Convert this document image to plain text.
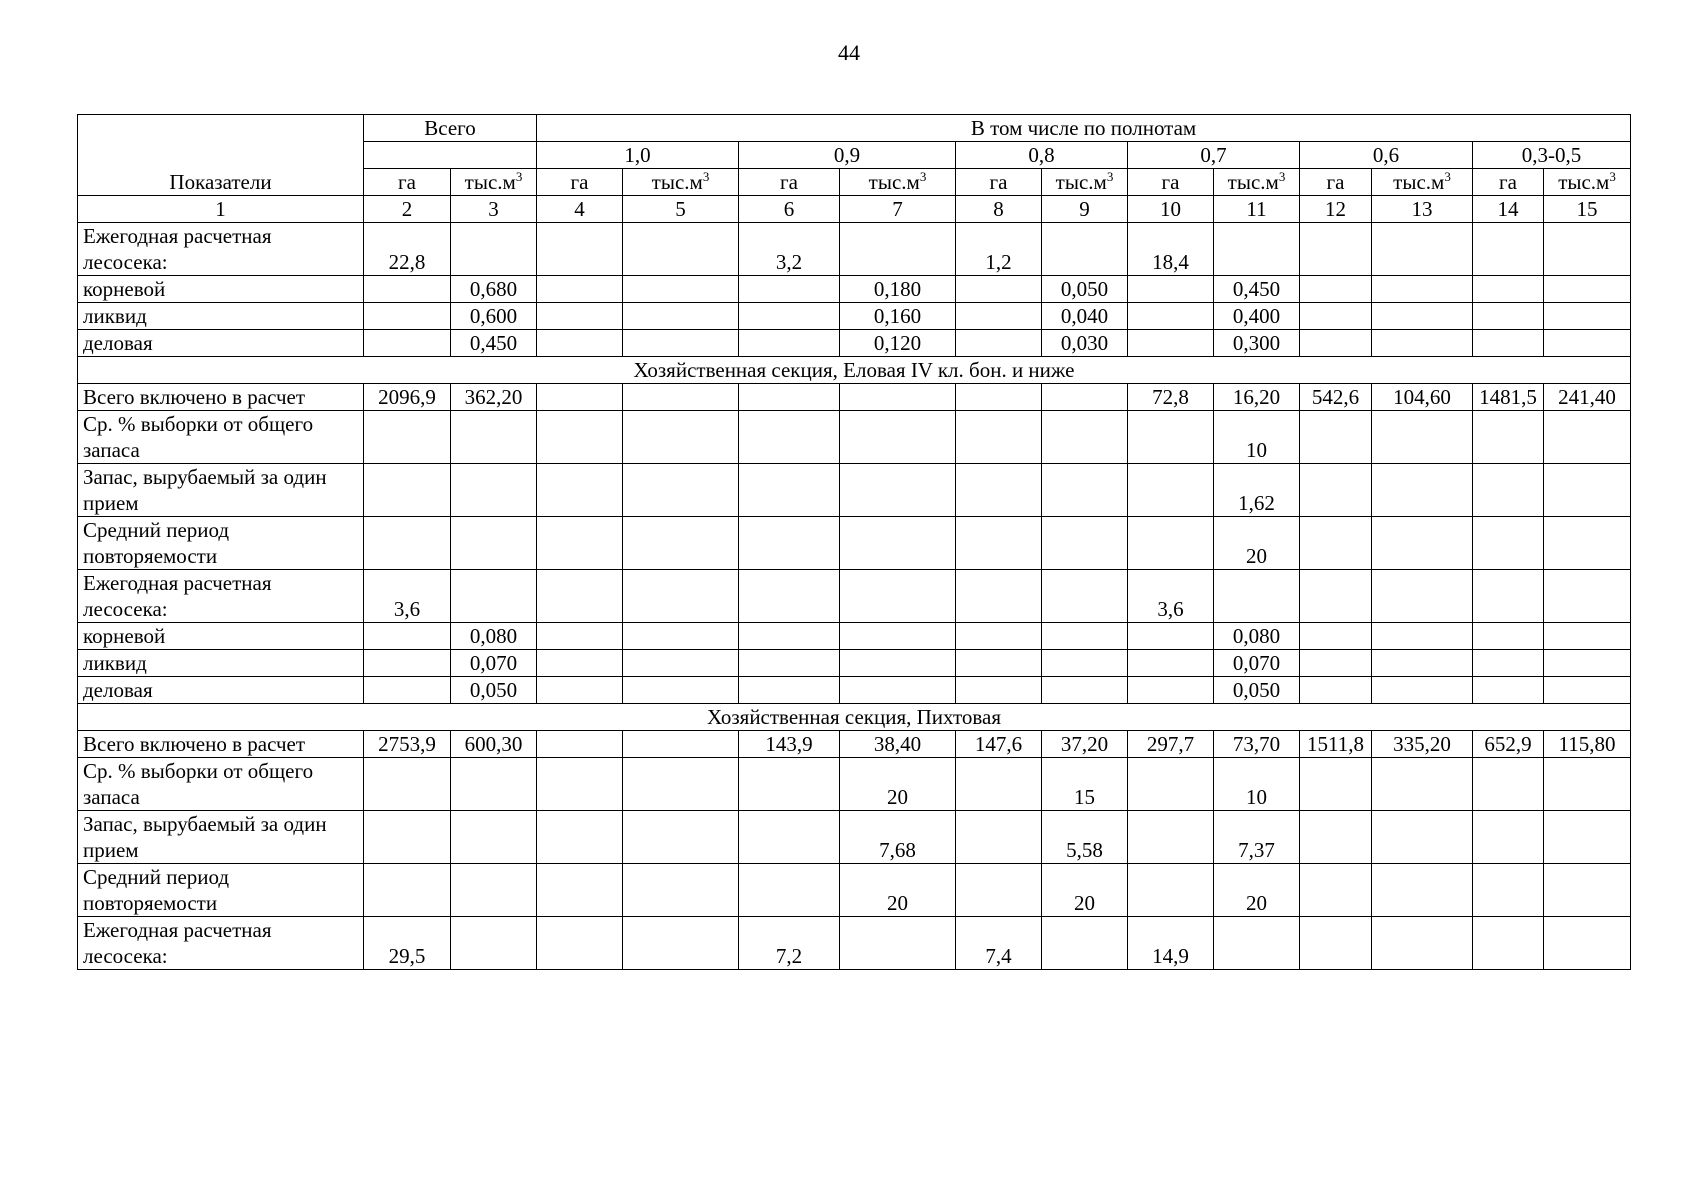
44
Показатели	Всего		В том числе по полнотам											
			1,0		0,9		0,8		0,7		0,6		0,3-0,5	
	га	$тыс.м^3$	га	$тыс.м^3$	га	$тыс.м^3$	га	$тыс.м^3$	га	$тыс.м^3$	га	$тыс.м^3$	га	$тыс.м^3$
1	2	3	4	5	6	7	8	9	10	11	12	13	14	15
Ежегодная расчетная лесосека:	22,8				3,2		1,2		18,4					
корневой		0,680				0,180		0,050		0,450				
ликвид		0,600				0,160		0,040		0,400				
деловая		0,450				0,120		0,030		0,300				
Хозяйственная секция, Еловая IV кл. бон. и ниже														
Всего включено в расчет	2096,9	362,20							72,8	16,20	542,6	104,60	1481,5	241,40
Ср. % выборки от общего запаса										10				
Запас, вырубаемый за один прием										1,62				
Средний период повторяемости										20				
Ежегодная расчетная лесосека:	3,6								3,6					
корневой		0,080								0,080				
ликвид		0,070								0,070				
деловая		0,050								0,050				
Хозяйственная секция, Пихтовая														
Всего включено в расчет	2753,9	600,30			143,9	38,40	147,6	37,20	297,7	73,70	1511,8	335,20	652,9	115,80
Ср. % выборки от общего запаса						20		15		10				
Запас, вырубаемый за один прием						7,68		5,58		7,37				
Средний период повторяемости						20		20		20				
Ежегодная расчетная лесосека:	29,5				7,2		7,4		14,9					
